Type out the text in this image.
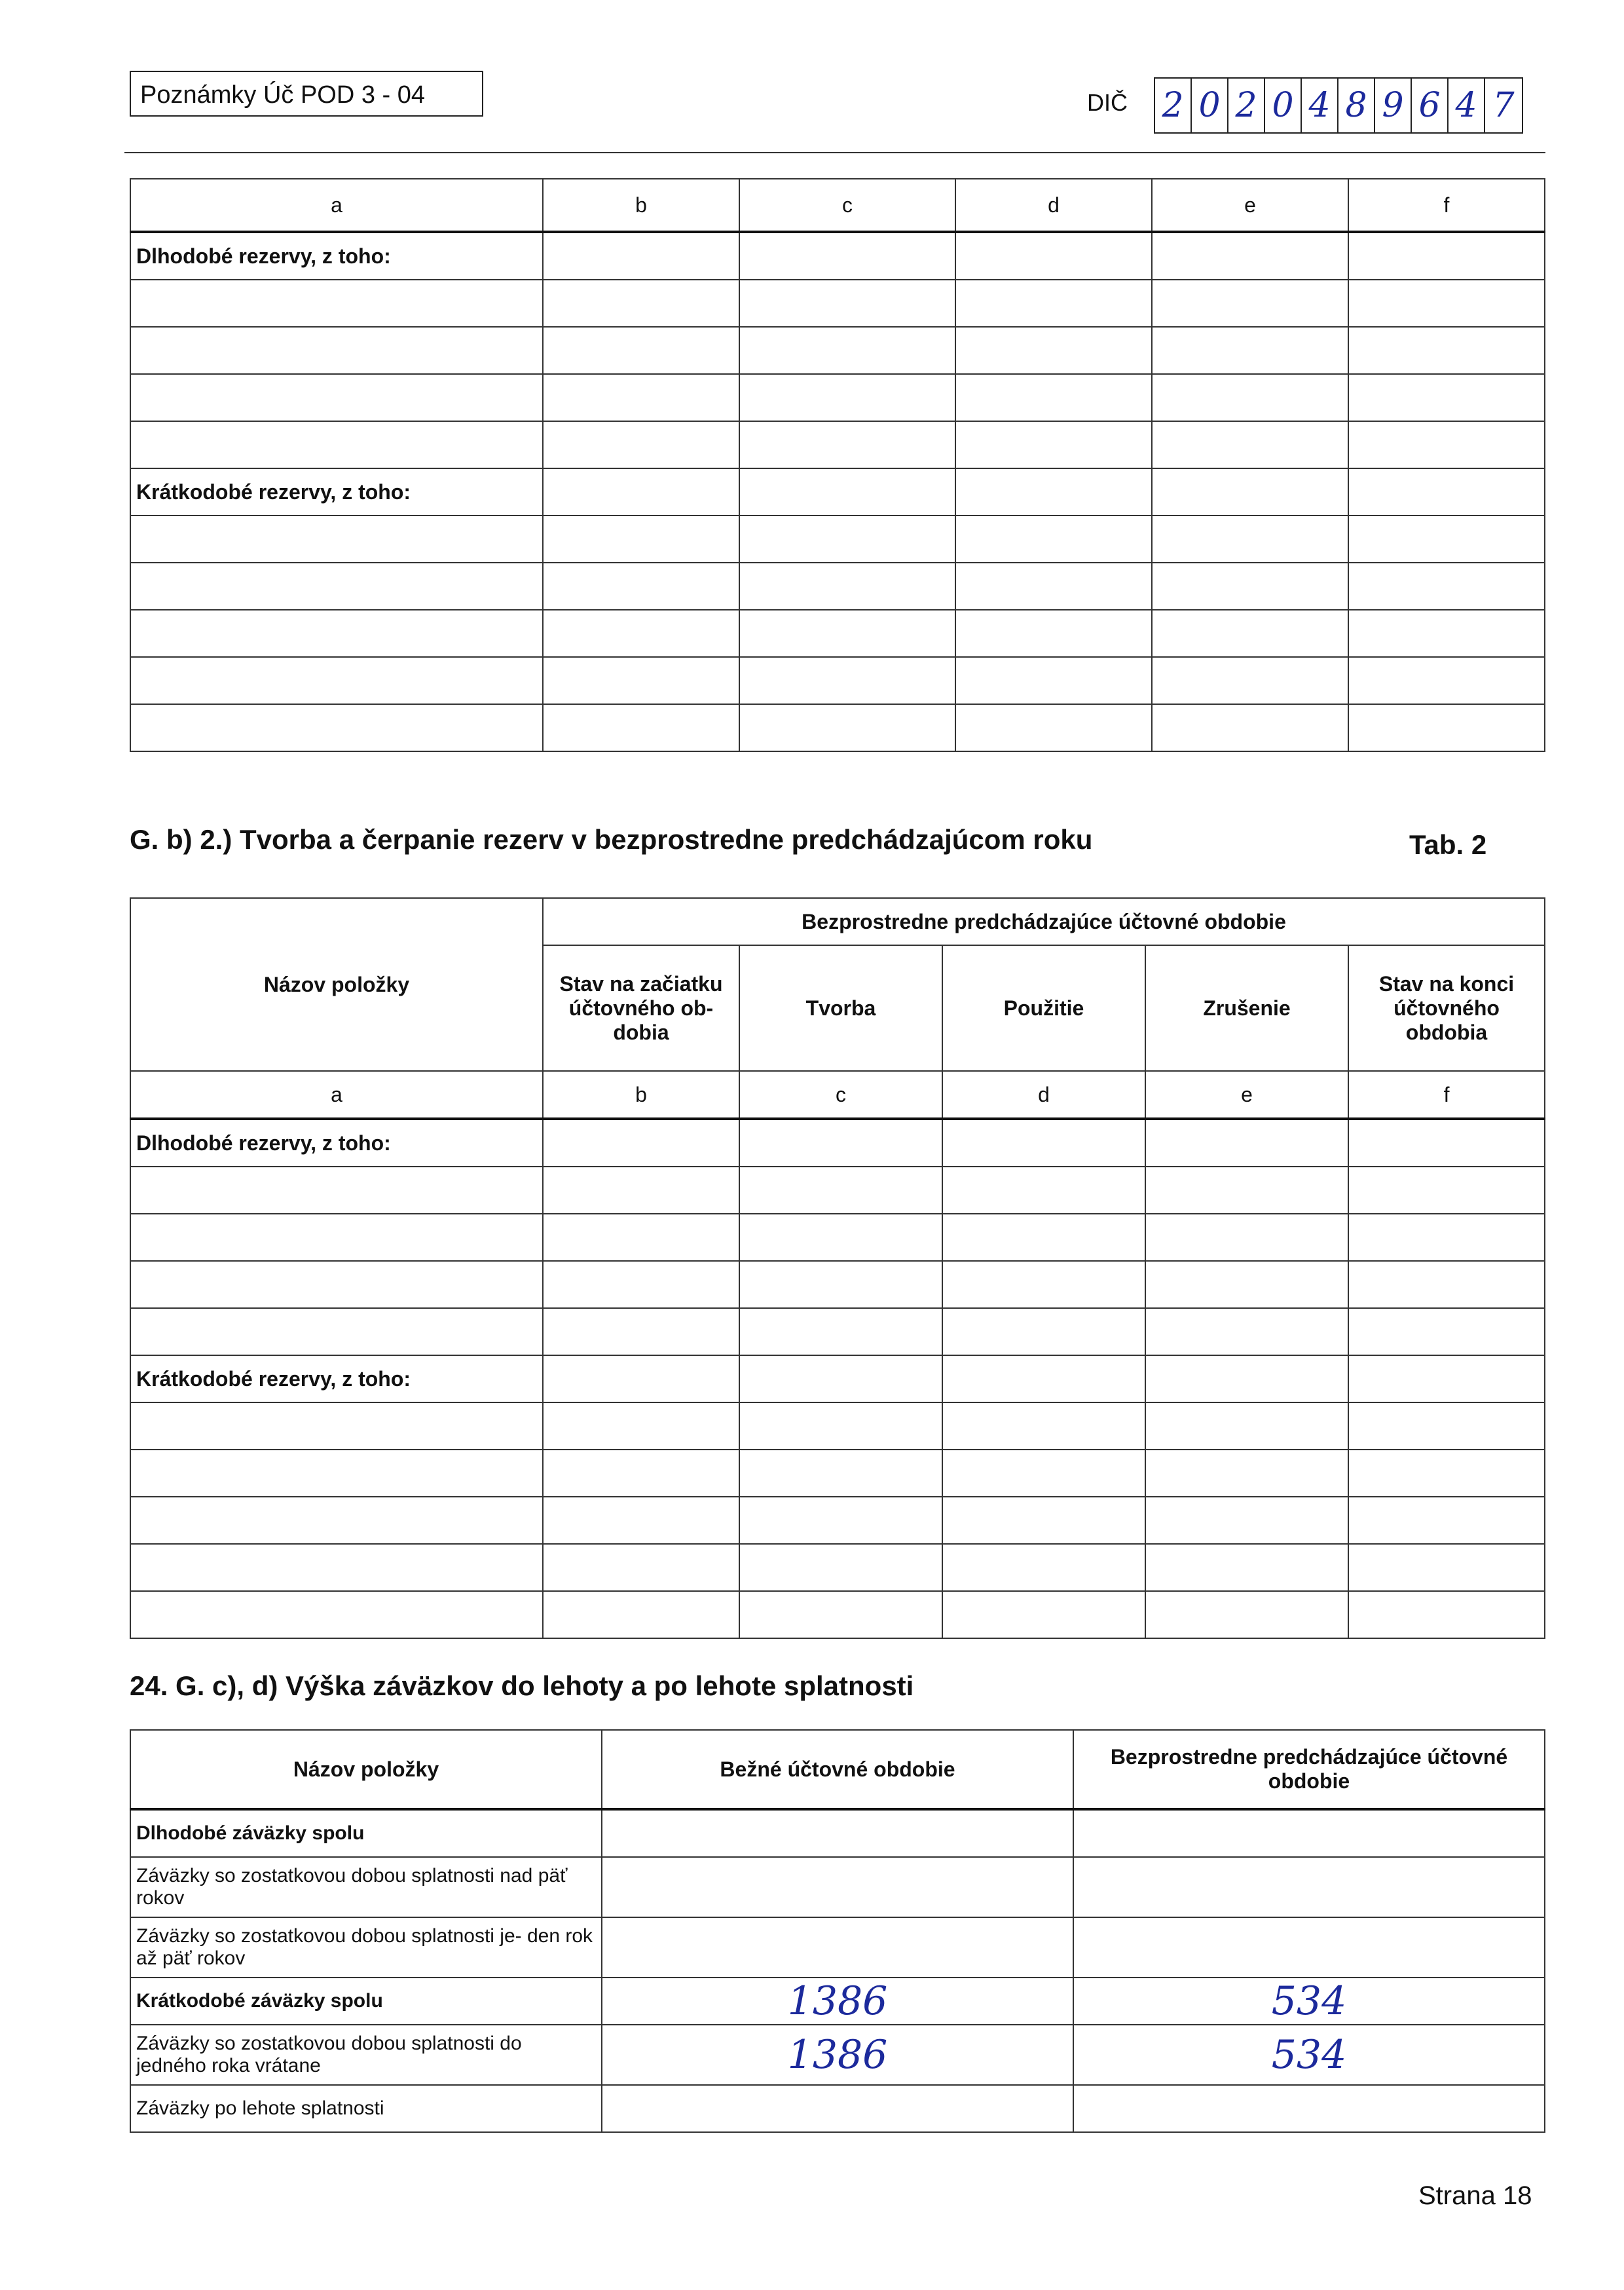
Poznámky Úč POD 3 - 04	DIČ 2 0 2 0 4 8 9 6 4 7
a	b	c	d	e	f
Dlhodobé rezervy, z toho:					

Krátkodobé rezervy, z toho:					

G. b) 2.) Tvorba a čerpanie rezerv v bezprostredne predchádzajúcom roku	Tab. 2
Názov položky	Bezprostredne predchádzajúce účtovné obdobie				
	Stav na začiatku účtovného ob- dobia	Tvorba	Použitie	Zrušenie	Stav na konci účtovného obdobia
a	b	c	d	e	f
Dlhodobé rezervy, z toho:					

Krátkodobé rezervy, z toho:					

24. G. c), d) Výška záväzkov do lehoty a po lehote splatnosti
Názov položky	Bežné účtovné obdobie	Bezprostredne predchádzajúce účtovné obdobie
Dlhodobé záväzky spolu		
Záväzky so zostatkovou dobou splatnosti nad päť rokov		
Záväzky so zostatkovou dobou splatnosti je- den rok až päť rokov		
Krátkodobé záväzky spolu	1386	534
Záväzky so zostatkovou dobou splatnosti do jedného roka vrátane	1386	534
Záväzky po lehote splatnosti		
Strana 18
